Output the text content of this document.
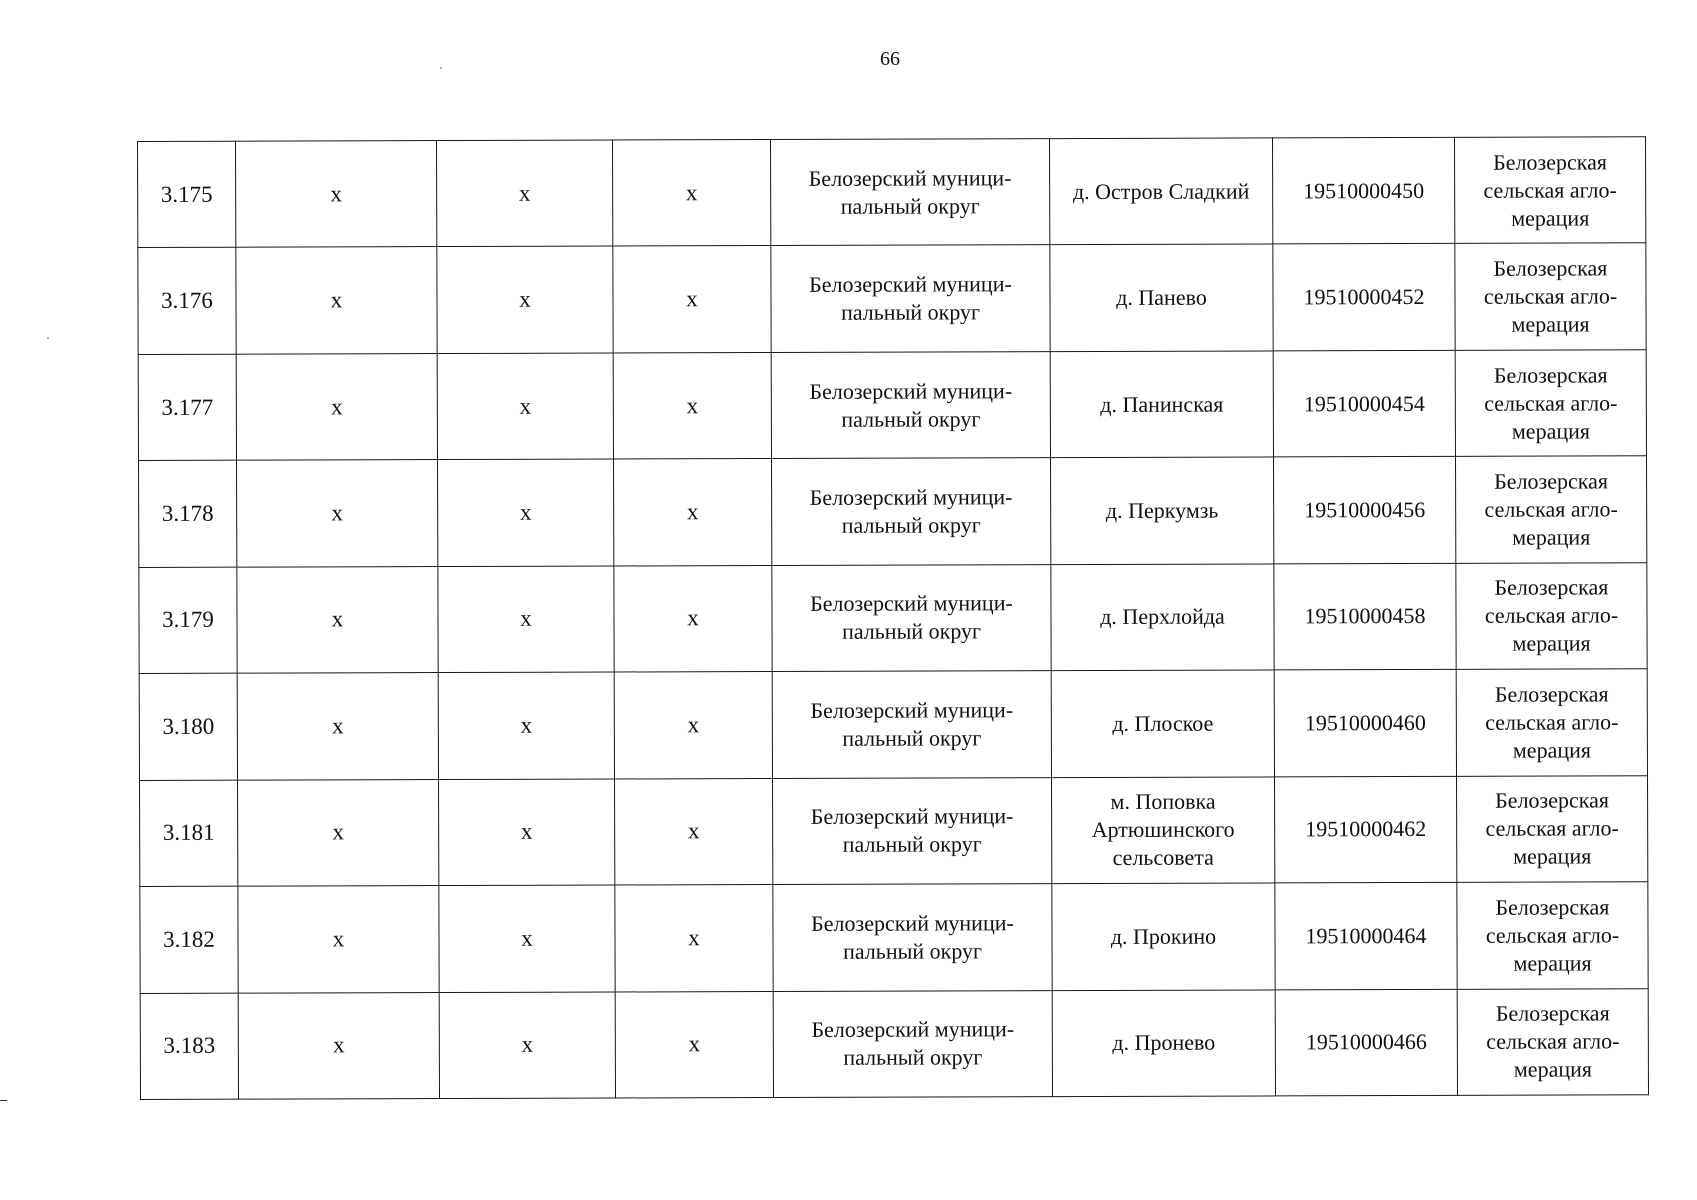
66
3.175	х	х	х	Белозерский муници-
пальный округ	д. Остров Сладкий	19510000450	Белозерская
сельская агло-
мерация
3.176	х	х	х	Белозерский муници-
пальный округ	д. Панево	19510000452	Белозерская
сельская агло-
мерация
3.177	х	х	х	Белозерский муници-
пальный округ	д. Панинская	19510000454	Белозерская
сельская агло-
мерация
3.178	х	х	х	Белозерский муници-
пальный округ	д. Перкумзь	19510000456	Белозерская
сельская агло-
мерация
3.179	х	х	х	Белозерский муници-
пальный округ	д. Перхлойда	19510000458	Белозерская
сельская агло-
мерация
3.180	х	х	х	Белозерский муници-
пальный округ	д. Плоское	19510000460	Белозерская
сельская агло-
мерация
3.181	х	х	х	Белозерский муници-
пальный округ	м. Поповка
Артюшинского
сельсовета	19510000462	Белозерская
сельская агло-
мерация
3.182	х	х	х	Белозерский муници-
пальный округ	д. Прокино	19510000464	Белозерская
сельская агло-
мерация
3.183	х	х	х	Белозерский муници-
пальный округ	д. Пронево	19510000466	Белозерская
сельская агло-
мерация
